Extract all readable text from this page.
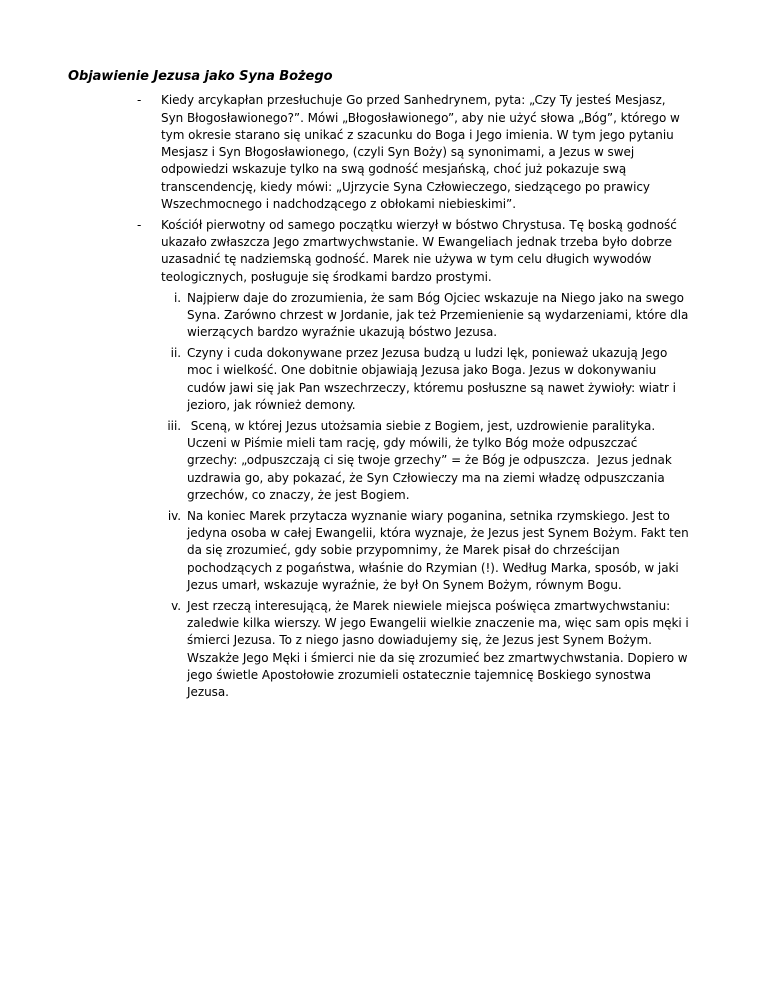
Objawienie Jezusa jako Syna Bożego
-	Kiedy arcykapłan przesłuchuje Go przed Sanhedrynem, pyta: „Czy Ty jesteś Mesjasz, Syn Błogosławionego?”. Mówi „Błogosławionego”, aby nie użyć słowa „Bóg”, którego w tym okresie starano się unikać z szacunku do Boga i Jego imienia. W tym jego pytaniu Mesjasz i Syn Błogosławionego, (czyli Syn Boży) są synonimami, a Jezus w swej odpowiedzi wskazuje tylko na swą godność mesjańską, choć już pokazuje swą transcendencję, kiedy mówi: „Ujrzycie Syna Człowieczego, siedzącego po prawicy Wszechmocnego i nadchodzącego z obłokami niebieskimi”.

-	Kościół pierwotny od samego początku wierzył w bóstwo Chrystusa. Tę boską godność ukazało zwłaszcza Jego zmartwychwstanie. W Ewangeliach jednak trzeba było dobrze uzasadnić tę nadziemską godność. Marek nie używa w tym celu długich wywodów teologicznych, posługuje się środkami bardzo prostymi.

i. Najpierw daje do zrozumienia, że sam Bóg Ojciec wskazuje na Niego jako na swego Syna. Zarówno chrzest w Jordanie, jak też Przemienienie są wydarzeniami, które dla wierzących bardzo wyraźnie ukazują bóstwo Jezusa.

ii. Czyny i cuda dokonywane przez Jezusa budzą u ludzi lęk, ponieważ ukazują Jego moc i wielkość. One dobitnie objawiają Jezusa jako Boga. Jezus w dokonywaniu cudów jawi się jak Pan wszechrzeczy, któremu posłuszne są nawet żywioły: wiatr i jezioro, jak również demony.

iii. Sceną, w której Jezus utożsamia siebie z Bogiem, jest, uzdrowienie paralityka. Uczeni w Piśmie mieli tam rację, gdy mówili, że tylko Bóg może odpuszczać grzechy: „odpuszczają ci się twoje grzechy” = że Bóg je odpuszcza.  Jezus jednak uzdrawia go, aby pokazać, że Syn Człowieczy ma na ziemi władzę odpuszczania grzechów, co znaczy, że jest Bogiem.

iv. Na koniec Marek przytacza wyznanie wiary poganina, setnika rzymskiego. Jest to jedyna osoba w całej Ewangelii, która wyznaje, że Jezus jest Synem Bożym. Fakt ten da się zrozumieć, gdy sobie przypomnimy, że Marek pisał do chrześcijan pochodzących z pogaństwa, właśnie do Rzymian (!). Według Marka, sposób, w jaki Jezus umarł, wskazuje wyraźnie, że był On Synem Bożym, równym Bogu.

v. Jest rzeczą interesującą, że Marek niewiele miejsca poświęca zmartwychwstaniu: zaledwie kilka wierszy. W jego Ewangelii wielkie znaczenie ma, więc sam opis męki i śmierci Jezusa. To z niego jasno dowiadujemy się, że Jezus jest Synem Bożym. Wszakże Jego Męki i śmierci nie da się zrozumieć bez zmartwychwstania. Dopiero w jego świetle Apostołowie zrozumieli ostatecznie tajemnicę Boskiego synostwa Jezusa.
